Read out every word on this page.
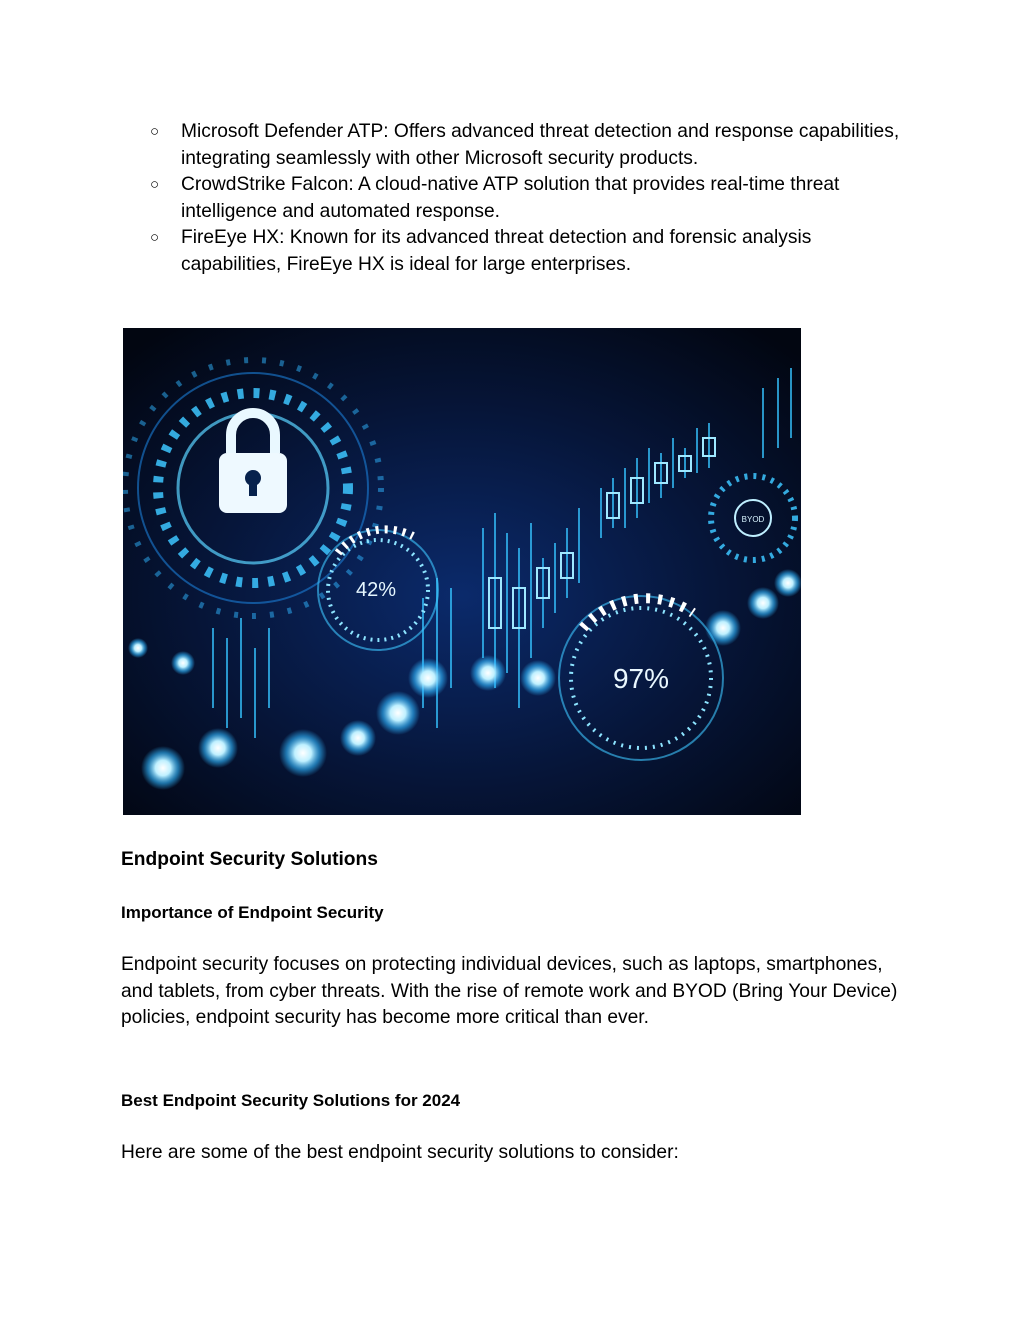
○ Microsoft Defender ATP: Offers advanced threat detection and response capabilities, integrating seamlessly with other Microsoft security products.
○ CrowdStrike Falcon: A cloud-native ATP solution that provides real-time threat intelligence and automated response.
○ FireEye HX: Known for its advanced threat detection and forensic analysis capabilities, FireEye HX is ideal for large enterprises.
42%
97%
BYOD
Endpoint Security Solutions
Importance of Endpoint Security

Endpoint security focuses on protecting individual devices, such as laptops, smartphones, and tablets, from cyber threats. With the rise of remote work and BYOD (Bring Your Device) policies, endpoint security has become more critical than ever.

Best Endpoint Security Solutions for 2024

Here are some of the best endpoint security solutions to consider:
